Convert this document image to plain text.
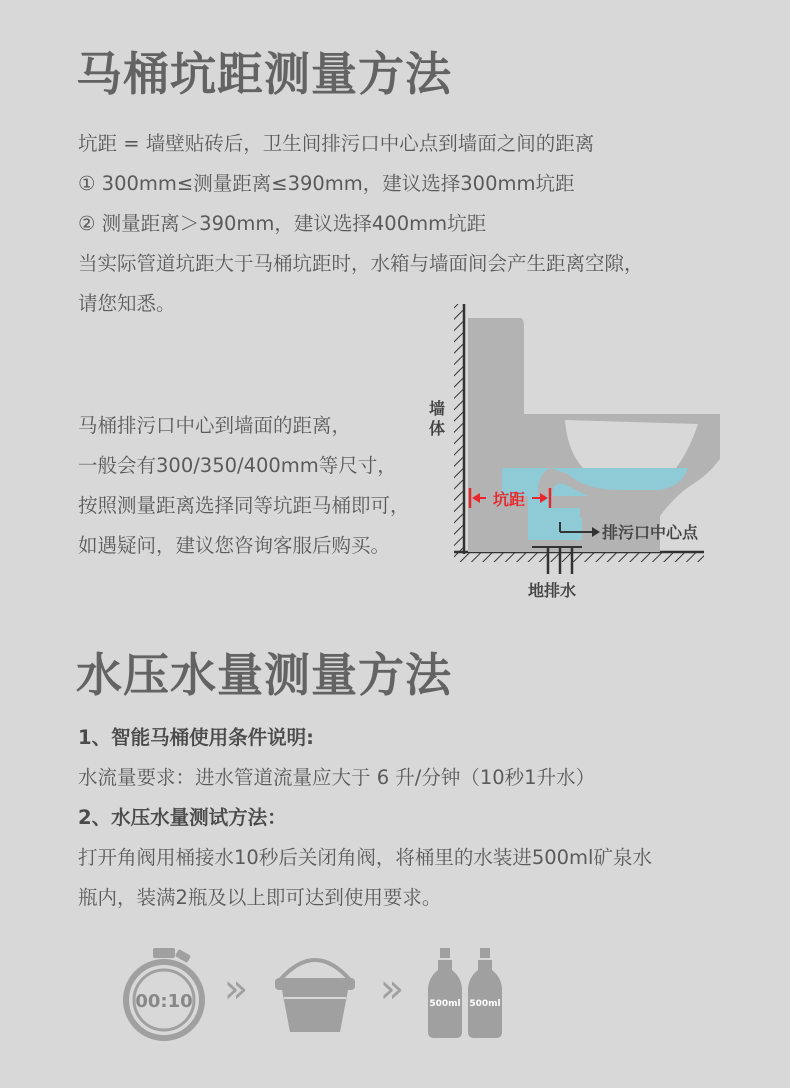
马桶坑距测量方法
坑距 = 墙壁贴砖后，卫生间排污口中心点到墙面之间的距离
① 300mm≤测量距离≤390mm，建议选择300mm坑距
② 测量距离＞390mm，建议选择400mm坑距
当实际管道坑距大于马桶坑距时，水箱与墙面间会产生距离空隙，
请您知悉。
马桶排污口中心到墙面的距离，
一般会有300/350/400mm等尺寸，
按照测量距离选择同等坑距马桶即可，
如遇疑问，建议您咨询客服后购买。
坑距
墙
体
排污口中心点
地排水
水压水量测量方法
1、智能马桶使用条件说明:
水流量要求：进水管道流量应大于 6 升/分钟（10秒1升水）
2、水压水量测试方法：
打开角阀用桶接水10秒后关闭角阀，将桶里的水装进500ml矿泉水
瓶内，装满2瓶及以上即可达到使用要求。
00:10 »	»	500ml 500ml
